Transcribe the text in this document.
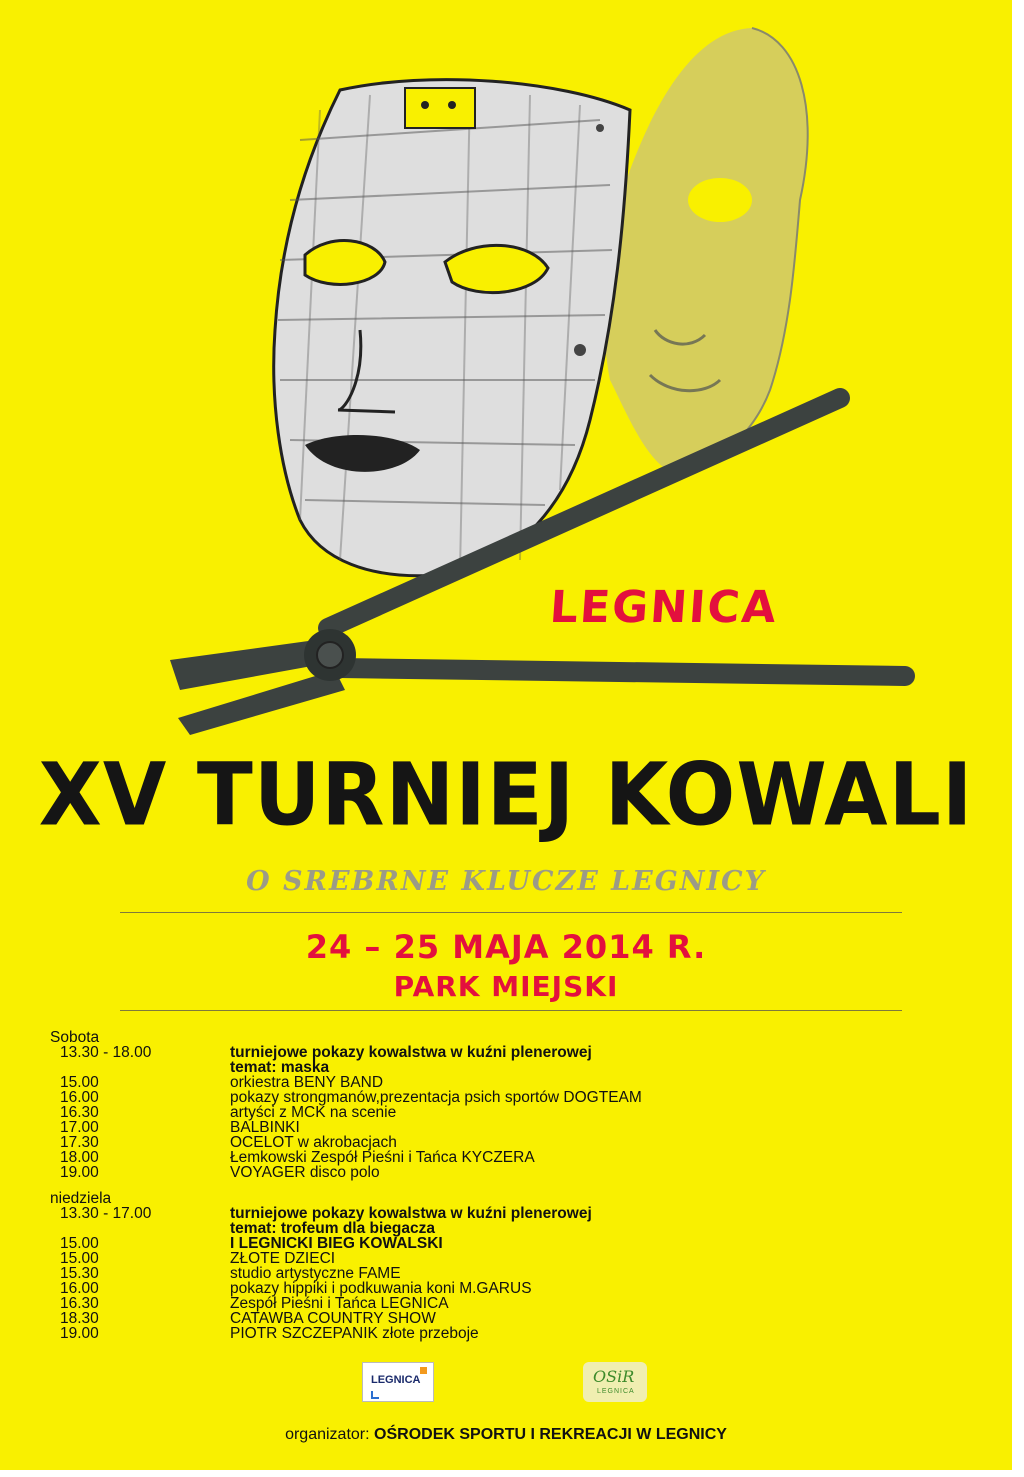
LEGNICA
XV TURNIEJ KOWALI
O SREBRNE KLUCZE LEGNICY
24 – 25 MAJA 2014 R.
PARK MIEJSKI
Sobota
13.30 - 18.00	turniejowe pokazy kowalstwa w kuźni plenerowej
temat: maska
15.00	orkiestra BENY BAND
16.00	pokazy strongmanów,prezentacja psich sportów DOGTEAM
16.30	artyści z MCK na scenie
17.00	BALBINKI
17.30	OCELOT w akrobacjach
18.00	Łemkowski Zespół Pieśni i Tańca KYCZERA
19.00	VOYAGER disco polo
niedziela
13.30 - 17.00	turniejowe pokazy kowalstwa w kuźni plenerowej
temat: trofeum dla biegacza
15.00	I LEGNICKI BIEG KOWALSKI
15.00	ZŁOTE DZIECI
15.30	studio artystyczne FAME
16.00	pokazy hippiki i podkuwania koni M.GARUS
16.30	Zespół Pieśni i Tańca LEGNICA
18.30	CATAWBA COUNTRY SHOW
19.00	PIOTR SZCZEPANIK złote przeboje
LEGNICA	OSiR
LEGNICA
organizator: OŚRODEK SPORTU I REKREACJI W LEGNICY
